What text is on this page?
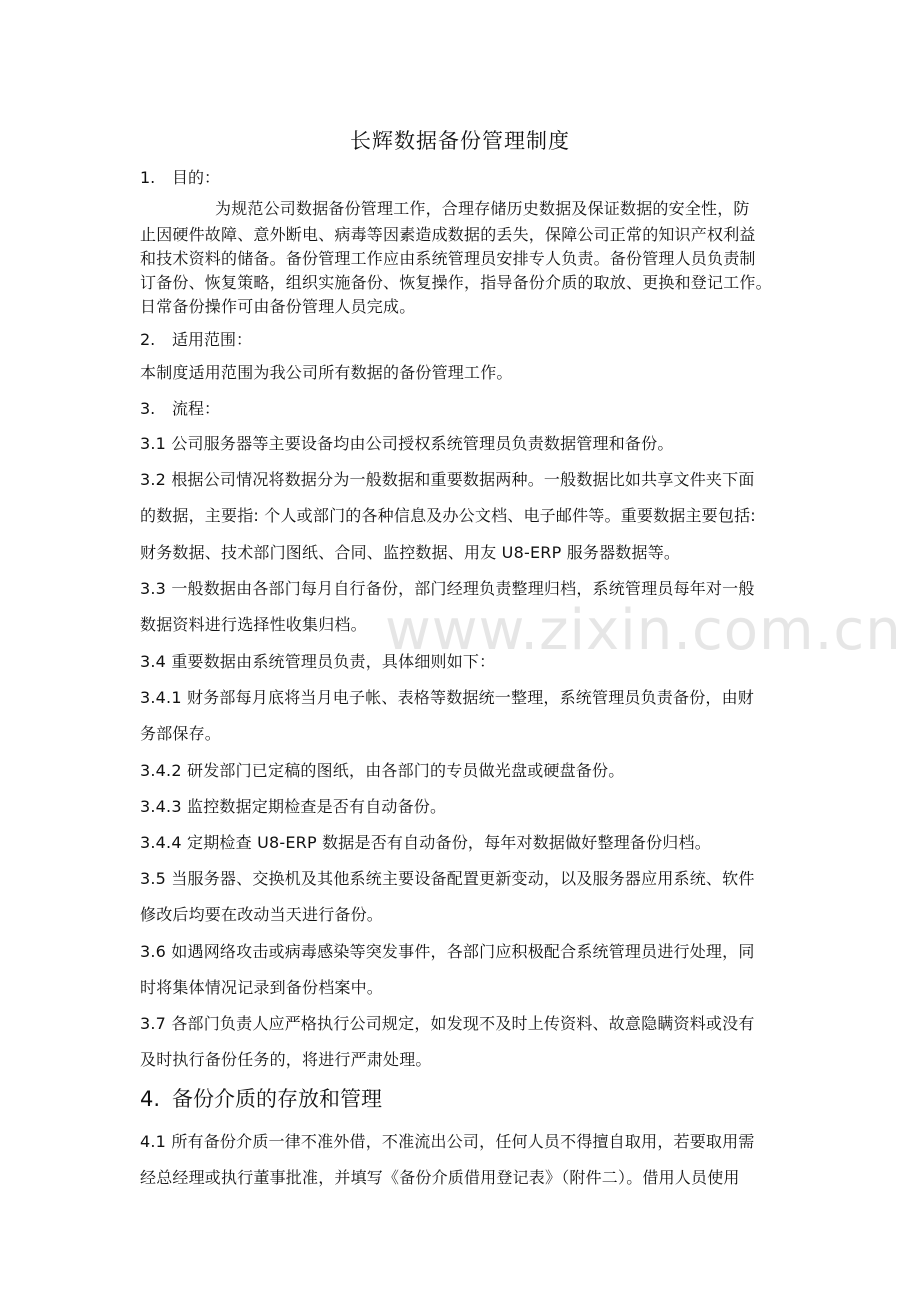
www.zixin.com.cn
长辉数据备份管理制度
1. 目的：
为规范公司数据备份管理工作，合理存储历史数据及保证数据的安全性，防
止因硬件故障、意外断电、病毒等因素造成数据的丢失，保障公司正常的知识产权利益
和技术资料的储备。备份管理工作应由系统管理员安排专人负责。备份管理人员负责制
订备份、恢复策略，组织实施备份、恢复操作，指导备份介质的取放、更换和登记工作。
日常备份操作可由备份管理人员完成。
2. 适用范围：
本制度适用范围为我公司所有数据的备份管理工作。
3. 流程：
3.1 公司服务器等主要设备均由公司授权系统管理员负责数据管理和备份。
3.2 根据公司情况将数据分为一般数据和重要数据两种。一般数据比如共享文件夹下面
的数据，主要指: 个人或部门的各种信息及办公文档、电子邮件等。重要数据主要包括:
财务数据、技术部门图纸、合同、监控数据、用友 U8-ERP 服务器数据等。
3.3 一般数据由各部门每月自行备份，部门经理负责整理归档，系统管理员每年对一般
数据资料进行选择性收集归档。
3.4 重要数据由系统管理员负责，具体细则如下：
3.4.1 财务部每月底将当月电子帐、表格等数据统一整理，系统管理员负责备份，由财
务部保存。
3.4.2 研发部门已定稿的图纸，由各部门的专员做光盘或硬盘备份。
3.4.3 监控数据定期检查是否有自动备份。
3.4.4 定期检查 U8-ERP 数据是否有自动备份，每年对数据做好整理备份归档。
3.5 当服务器、交换机及其他系统主要设备配置更新变动，以及服务器应用系统、软件
修改后均要在改动当天进行备份。
3.6 如遇网络攻击或病毒感染等突发事件，各部门应积极配合系统管理员进行处理，同
时将集体情况记录到备份档案中。
3.7 各部门负责人应严格执行公司规定，如发现不及时上传资料、故意隐瞒资料或没有
及时执行备份任务的，将进行严肃处理。
4. 备份介质的存放和管理
4.1 所有备份介质一律不准外借，不准流出公司，任何人员不得擅自取用，若要取用需
经总经理或执行董事批准，并填写《备份介质借用登记表》（附件二）。借用人员使用
